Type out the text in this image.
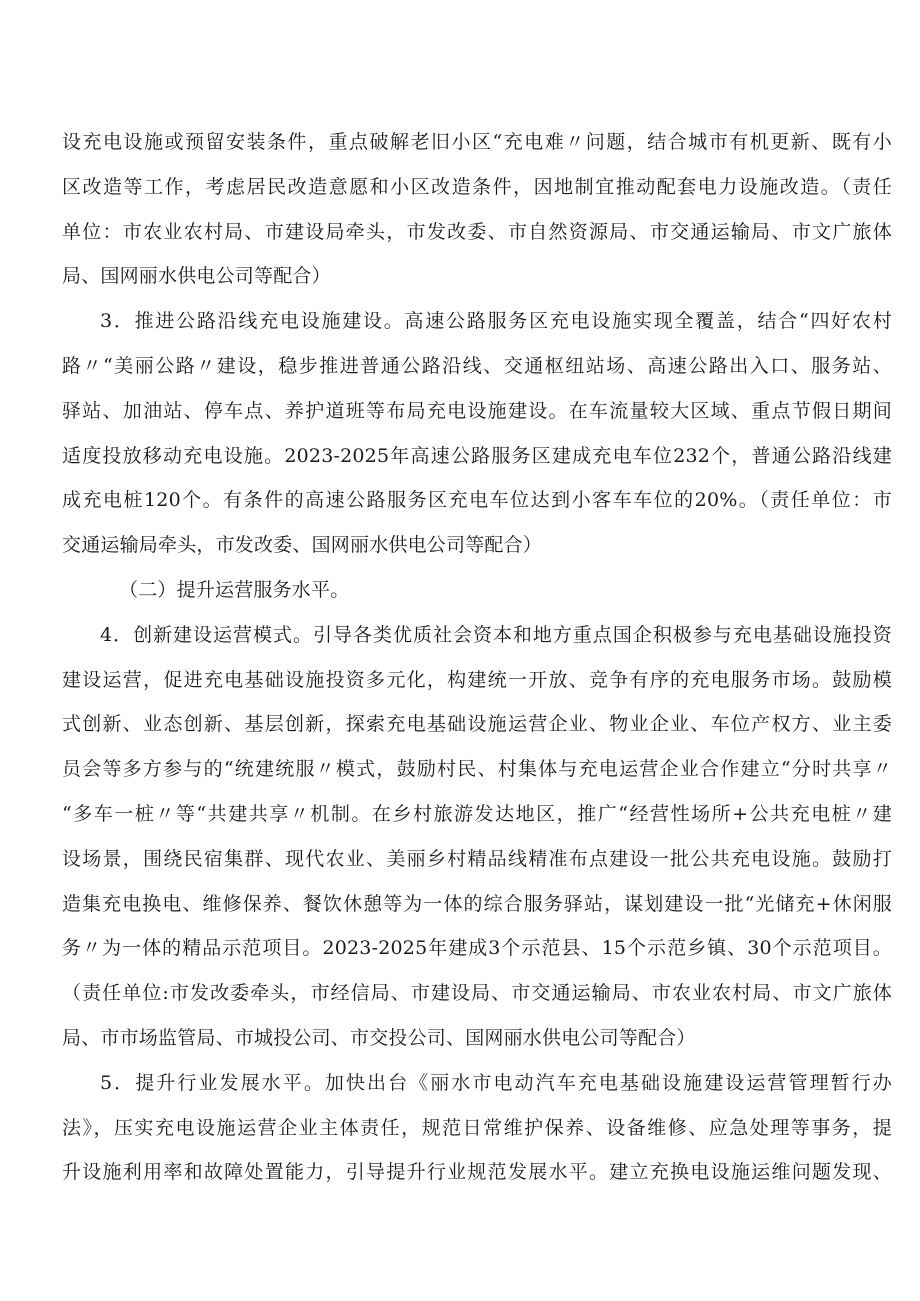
设充电设施或预留安装条件，重点破解老旧小区“充电难〃问题，结合城市有机更新、既有小
区改造等工作，考虑居民改造意愿和小区改造条件，因地制宜推动配套电力设施改造。（责任
单位：市农业农村局、市建设局牵头，市发改委、市自然资源局、市交通运输局、市文广旅体
局、国网丽水供电公司等配合）
3．推进公路沿线充电设施建设。高速公路服务区充电设施实现全覆盖，结合“四好农村
路〃“美丽公路〃建设，稳步推进普通公路沿线、交通枢纽站场、高速公路出入口、服务站、
驿站、加油站、停车点、养护道班等布局充电设施建设。在车流量较大区域、重点节假日期间
适度投放移动充电设施。2023-2025年高速公路服务区建成充电车位232个，普通公路沿线建
成充电桩120个。有条件的高速公路服务区充电车位达到小客车车位的20%。（责任单位：市
交通运输局牵头，市发改委、国网丽水供电公司等配合）
（二）提升运营服务水平。
4．创新建设运营模式。引导各类优质社会资本和地方重点国企积极参与充电基础设施投资
建设运营，促进充电基础设施投资多元化，构建统一开放、竞争有序的充电服务市场。鼓励模
式创新、业态创新、基层创新，探索充电基础设施运营企业、物业企业、车位产权方、业主委
员会等多方参与的“统建统服〃模式，鼓励村民、村集体与充电运营企业合作建立“分时共享〃
“多车一桩〃等“共建共享〃机制。在乡村旅游发达地区，推广“经营性场所+公共充电桩〃建
设场景，围绕民宿集群、现代农业、美丽乡村精品线精准布点建设一批公共充电设施。鼓励打
造集充电换电、维修保养、餐饮休憩等为一体的综合服务驿站，谋划建设一批“光储充+休闲服
务〃为一体的精品示范项目。2023-2025年建成3个示范县、15个示范乡镇、30个示范项目。
（责任单位:市发改委牵头，市经信局、市建设局、市交通运输局、市农业农村局、市文广旅体
局、市市场监管局、市城投公司、市交投公司、国网丽水供电公司等配合）
5．提升行业发展水平。加快出台《丽水市电动汽车充电基础设施建设运营管理暂行办
法》，压实充电设施运营企业主体责任，规范日常维护保养、设备维修、应急处理等事务，提
升设施利用率和故障处置能力，引导提升行业规范发展水平。建立充换电设施运维问题发现、
